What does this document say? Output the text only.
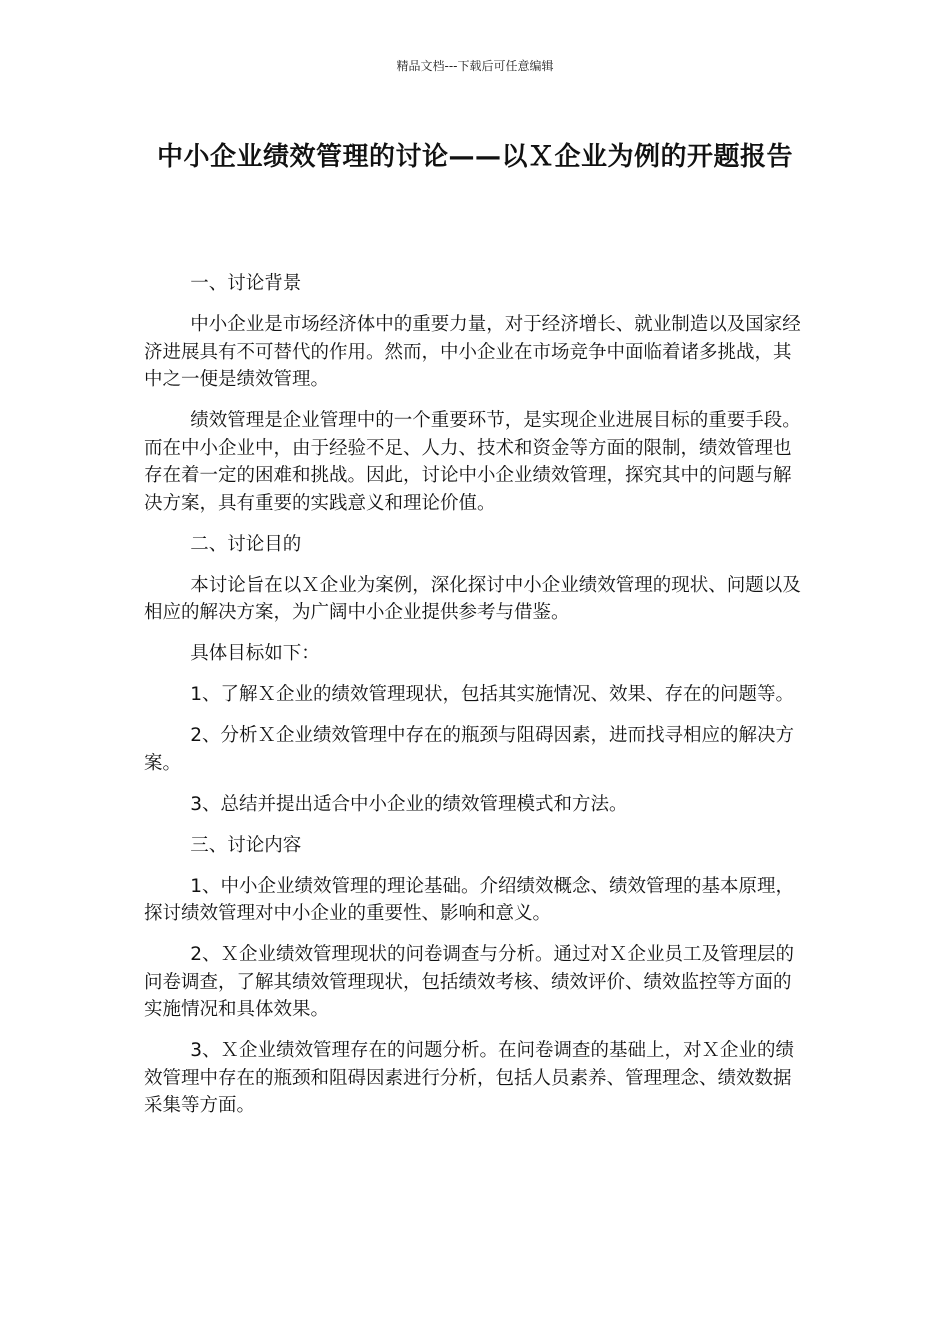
精品文档---下载后可任意编辑
中小企业绩效管理的讨论——以Ｘ企业为例的开题报告

一、讨论背景

中小企业是市场经济体中的重要力量，对于经济增长、就业制造以及国家经济进展具有不可替代的作用。然而，中小企业在市场竞争中面临着诸多挑战，其中之一便是绩效管理。

绩效管理是企业管理中的一个重要环节，是实现企业进展目标的重要手段。而在中小企业中，由于经验不足、人力、技术和资金等方面的限制，绩效管理也存在着一定的困难和挑战。因此，讨论中小企业绩效管理，探究其中的问题与解决方案，具有重要的实践意义和理论价值。

二、讨论目的

本讨论旨在以Ｘ企业为案例，深化探讨中小企业绩效管理的现状、问题以及相应的解决方案，为广阔中小企业提供参考与借鉴。

具体目标如下：

1、了解Ｘ企业的绩效管理现状，包括其实施情况、效果、存在的问题等。

2、分析Ｘ企业绩效管理中存在的瓶颈与阻碍因素，进而找寻相应的解决方案。

3、总结并提出适合中小企业的绩效管理模式和方法。

三、讨论内容

1、中小企业绩效管理的理论基础。介绍绩效概念、绩效管理的基本原理，探讨绩效管理对中小企业的重要性、影响和意义。

2、Ｘ企业绩效管理现状的问卷调查与分析。通过对Ｘ企业员工及管理层的问卷调查，了解其绩效管理现状，包括绩效考核、绩效评价、绩效监控等方面的实施情况和具体效果。

3、Ｘ企业绩效管理存在的问题分析。在问卷调查的基础上，对Ｘ企业的绩效管理中存在的瓶颈和阻碍因素进行分析，包括人员素养、管理理念、绩效数据采集等方面。
